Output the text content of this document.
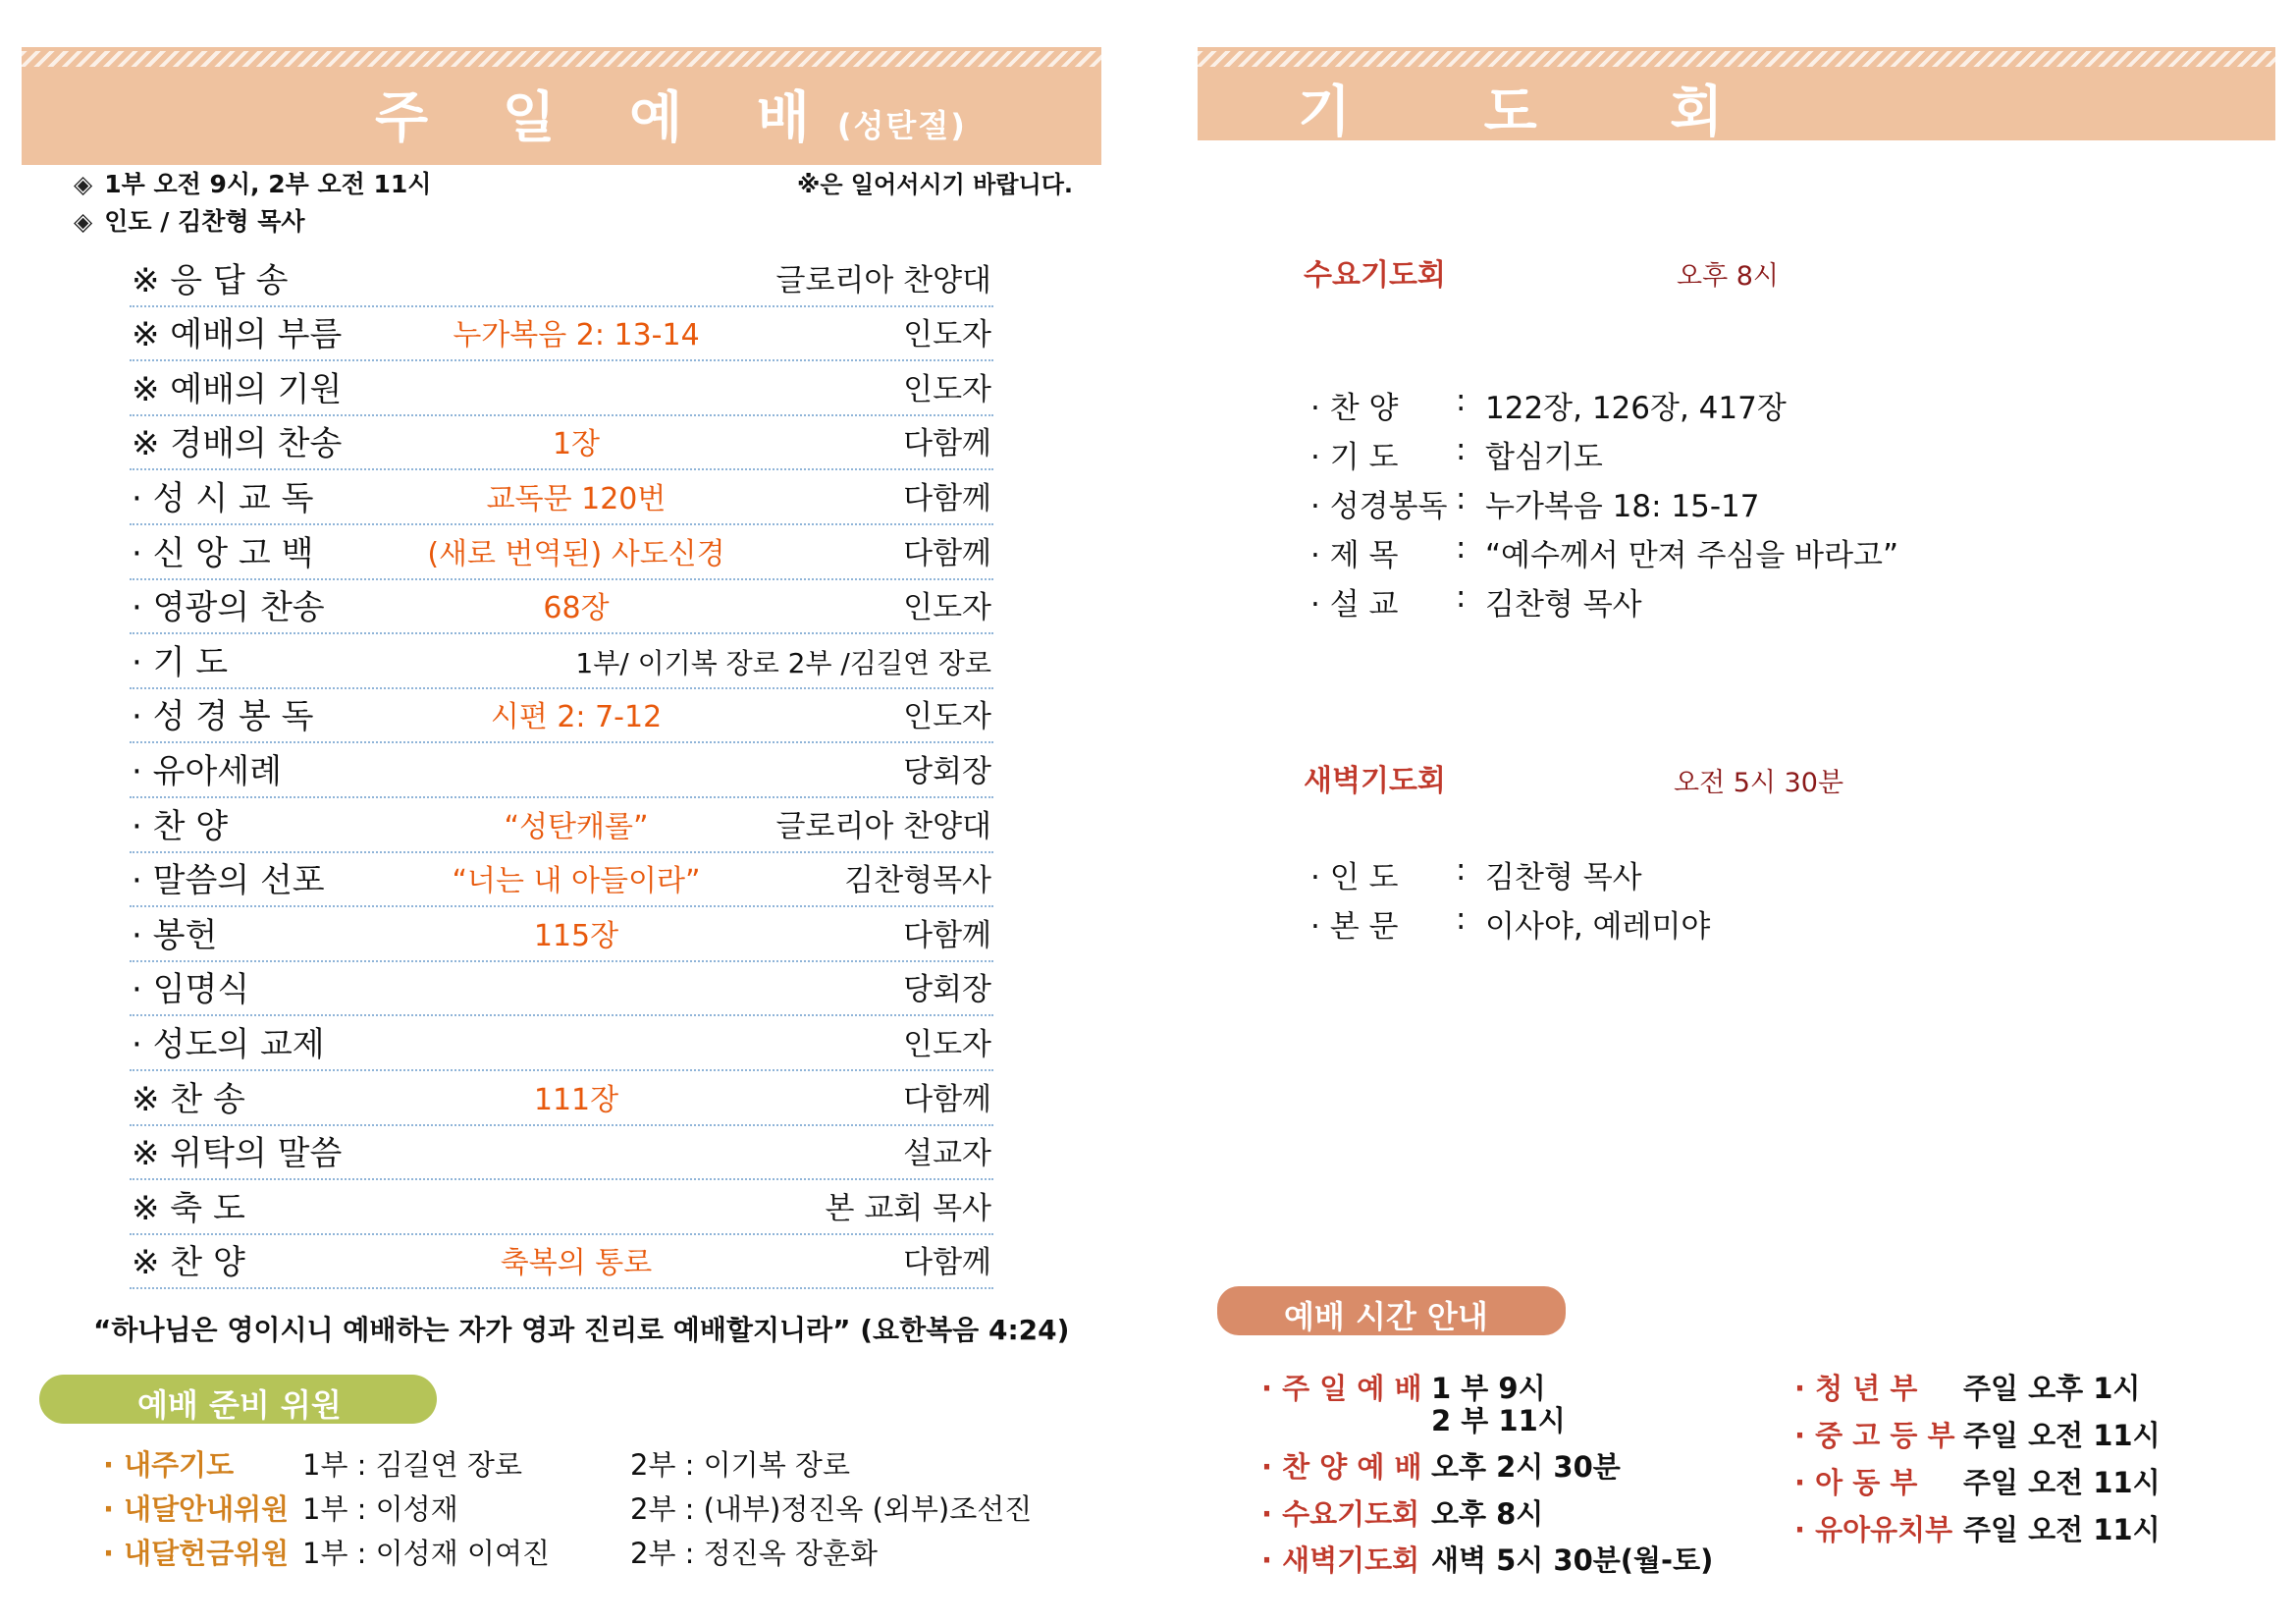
주 일 예 배(성탄절)
◈ 1부 오전 9시, 2부 오전 11시
◈ 인도 / 김찬형 목사
※은 일어서시기 바랍니다.
※ 응 답 송	글로리아 찬양대
※ 예배의 부름	누가복음 2: 13-14	인도자
※ 예배의 기원	인도자
※ 경배의 찬송	1장	다함께
· 성 시 교 독	교독문 120번	다함께
· 신 앙 고 백	(새로 번역된) 사도신경	다함께
· 영광의 찬송	68장	인도자
· 기 도	1부/ 이기복 장로 2부 /김길연 장로
· 성 경 봉 독	시편 2: 7-12	인도자
· 유아세례	당회장
· 찬 양	“성탄캐롤”	글로리아 찬양대
· 말씀의 선포	“너는 내 아들이라”	김찬형목사
· 봉헌	115장	다함께
· 임명식	당회장
· 성도의 교제	인도자
※ 찬 송	111장	다함께
※ 위탁의 말씀	설교자
※ 축 도	본 교회 목사
※ 찬 양	축복의 통로	다함께
“하나님은 영이시니 예배하는 자가 영과 진리로 예배할지니라” (요한복음 4:24)
예배 준비 위원
· 내주기도 1부 : 김길연 장로	2부 : 이기복 장로
· 내달안내위원 1부 : 이성재	2부 : (내부)정진옥 (외부)조선진
· 내달헌금위원 1부 : 이성재 이여진	2부 : 정진옥 장훈화
기 도 회
수요기도회	오후 8시
· 찬 양 : 122장, 126장, 417장
· 기 도 : 합심기도
· 성경봉독 : 누가복음 18: 15-17
· 제 목 : “예수께서 만져 주심을 바라고”
· 설 교 : 김찬형 목사
새벽기도회	오전 5시 30분
· 인 도 : 김찬형 목사
· 본 문 : 이사야, 예레미야
예배 시간 안내
· 주 일 예 배 1 부 9시
2 부 11시
· 찬 양 예 배 오후 2시 30분
· 수요기도회 오후 8시
· 새벽기도회 새벽 5시 30분(월-토)
· 청 년 부 주일 오후 1시
· 중 고 등 부 주일 오전 11시
· 아 동 부 주일 오전 11시
· 유아유치부 주일 오전 11시
